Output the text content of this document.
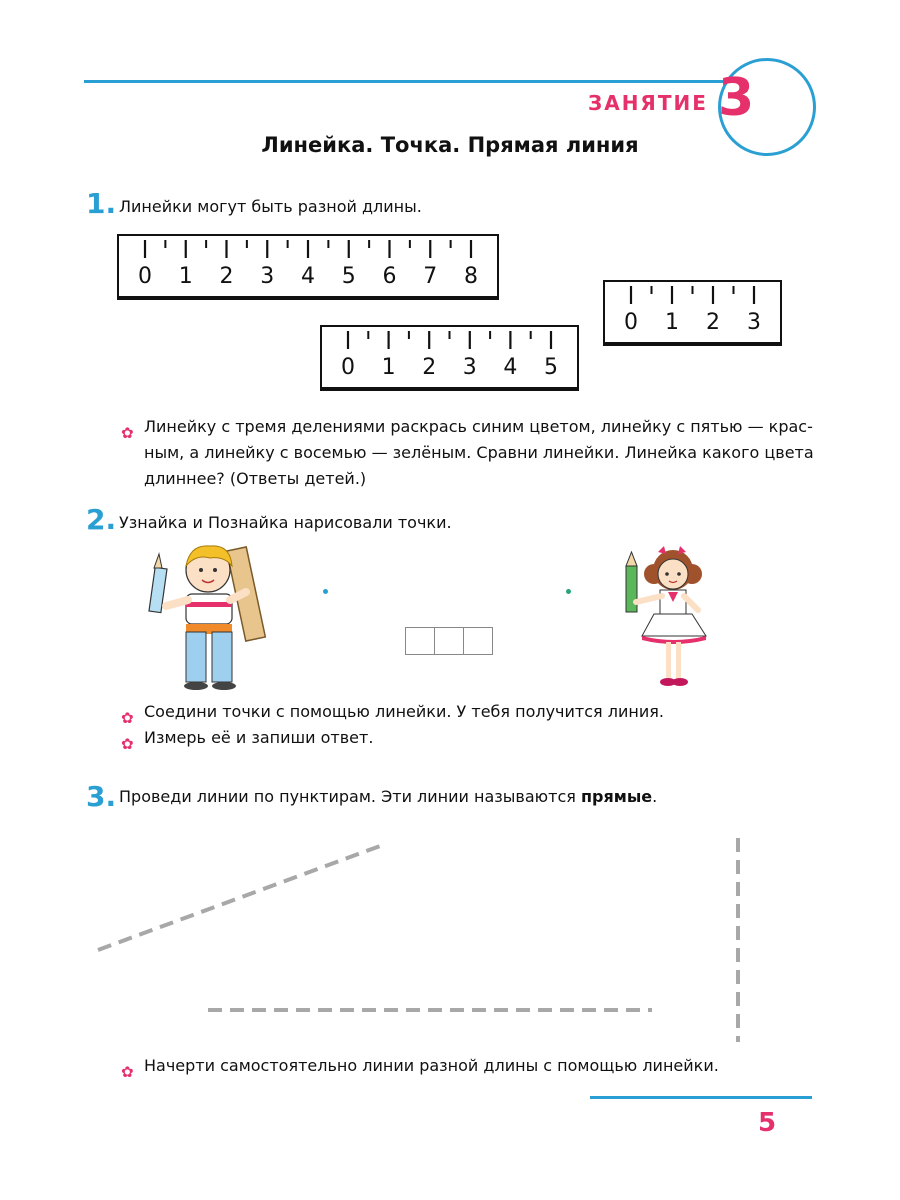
ЗАНЯТИЕ 3
Линейка. Точка. Прямая линия
1. Линейки могут быть разной длины.
0	1	2	3	4	5	6	7	8
0	1	2	3	4	5
0	1	2	3
✿ Линейку с тремя делениями раскрась синим цветом, линейку с пятью — крас-
ным, а линейку с восемью — зелёным. Сравни линейки. Линейка какого цвета
длиннее? (Ответы детей.)
2. Узнайка и Познайка нарисовали точки.
✿ Соедини точки с помощью линейки. У тебя получится линия.
✿ Измерь её и запиши ответ.
3. Проведи линии по пунктирам. Эти линии называются прямые.
✿ Начерти самостоятельно линии разной длины с помощью линейки.
5
